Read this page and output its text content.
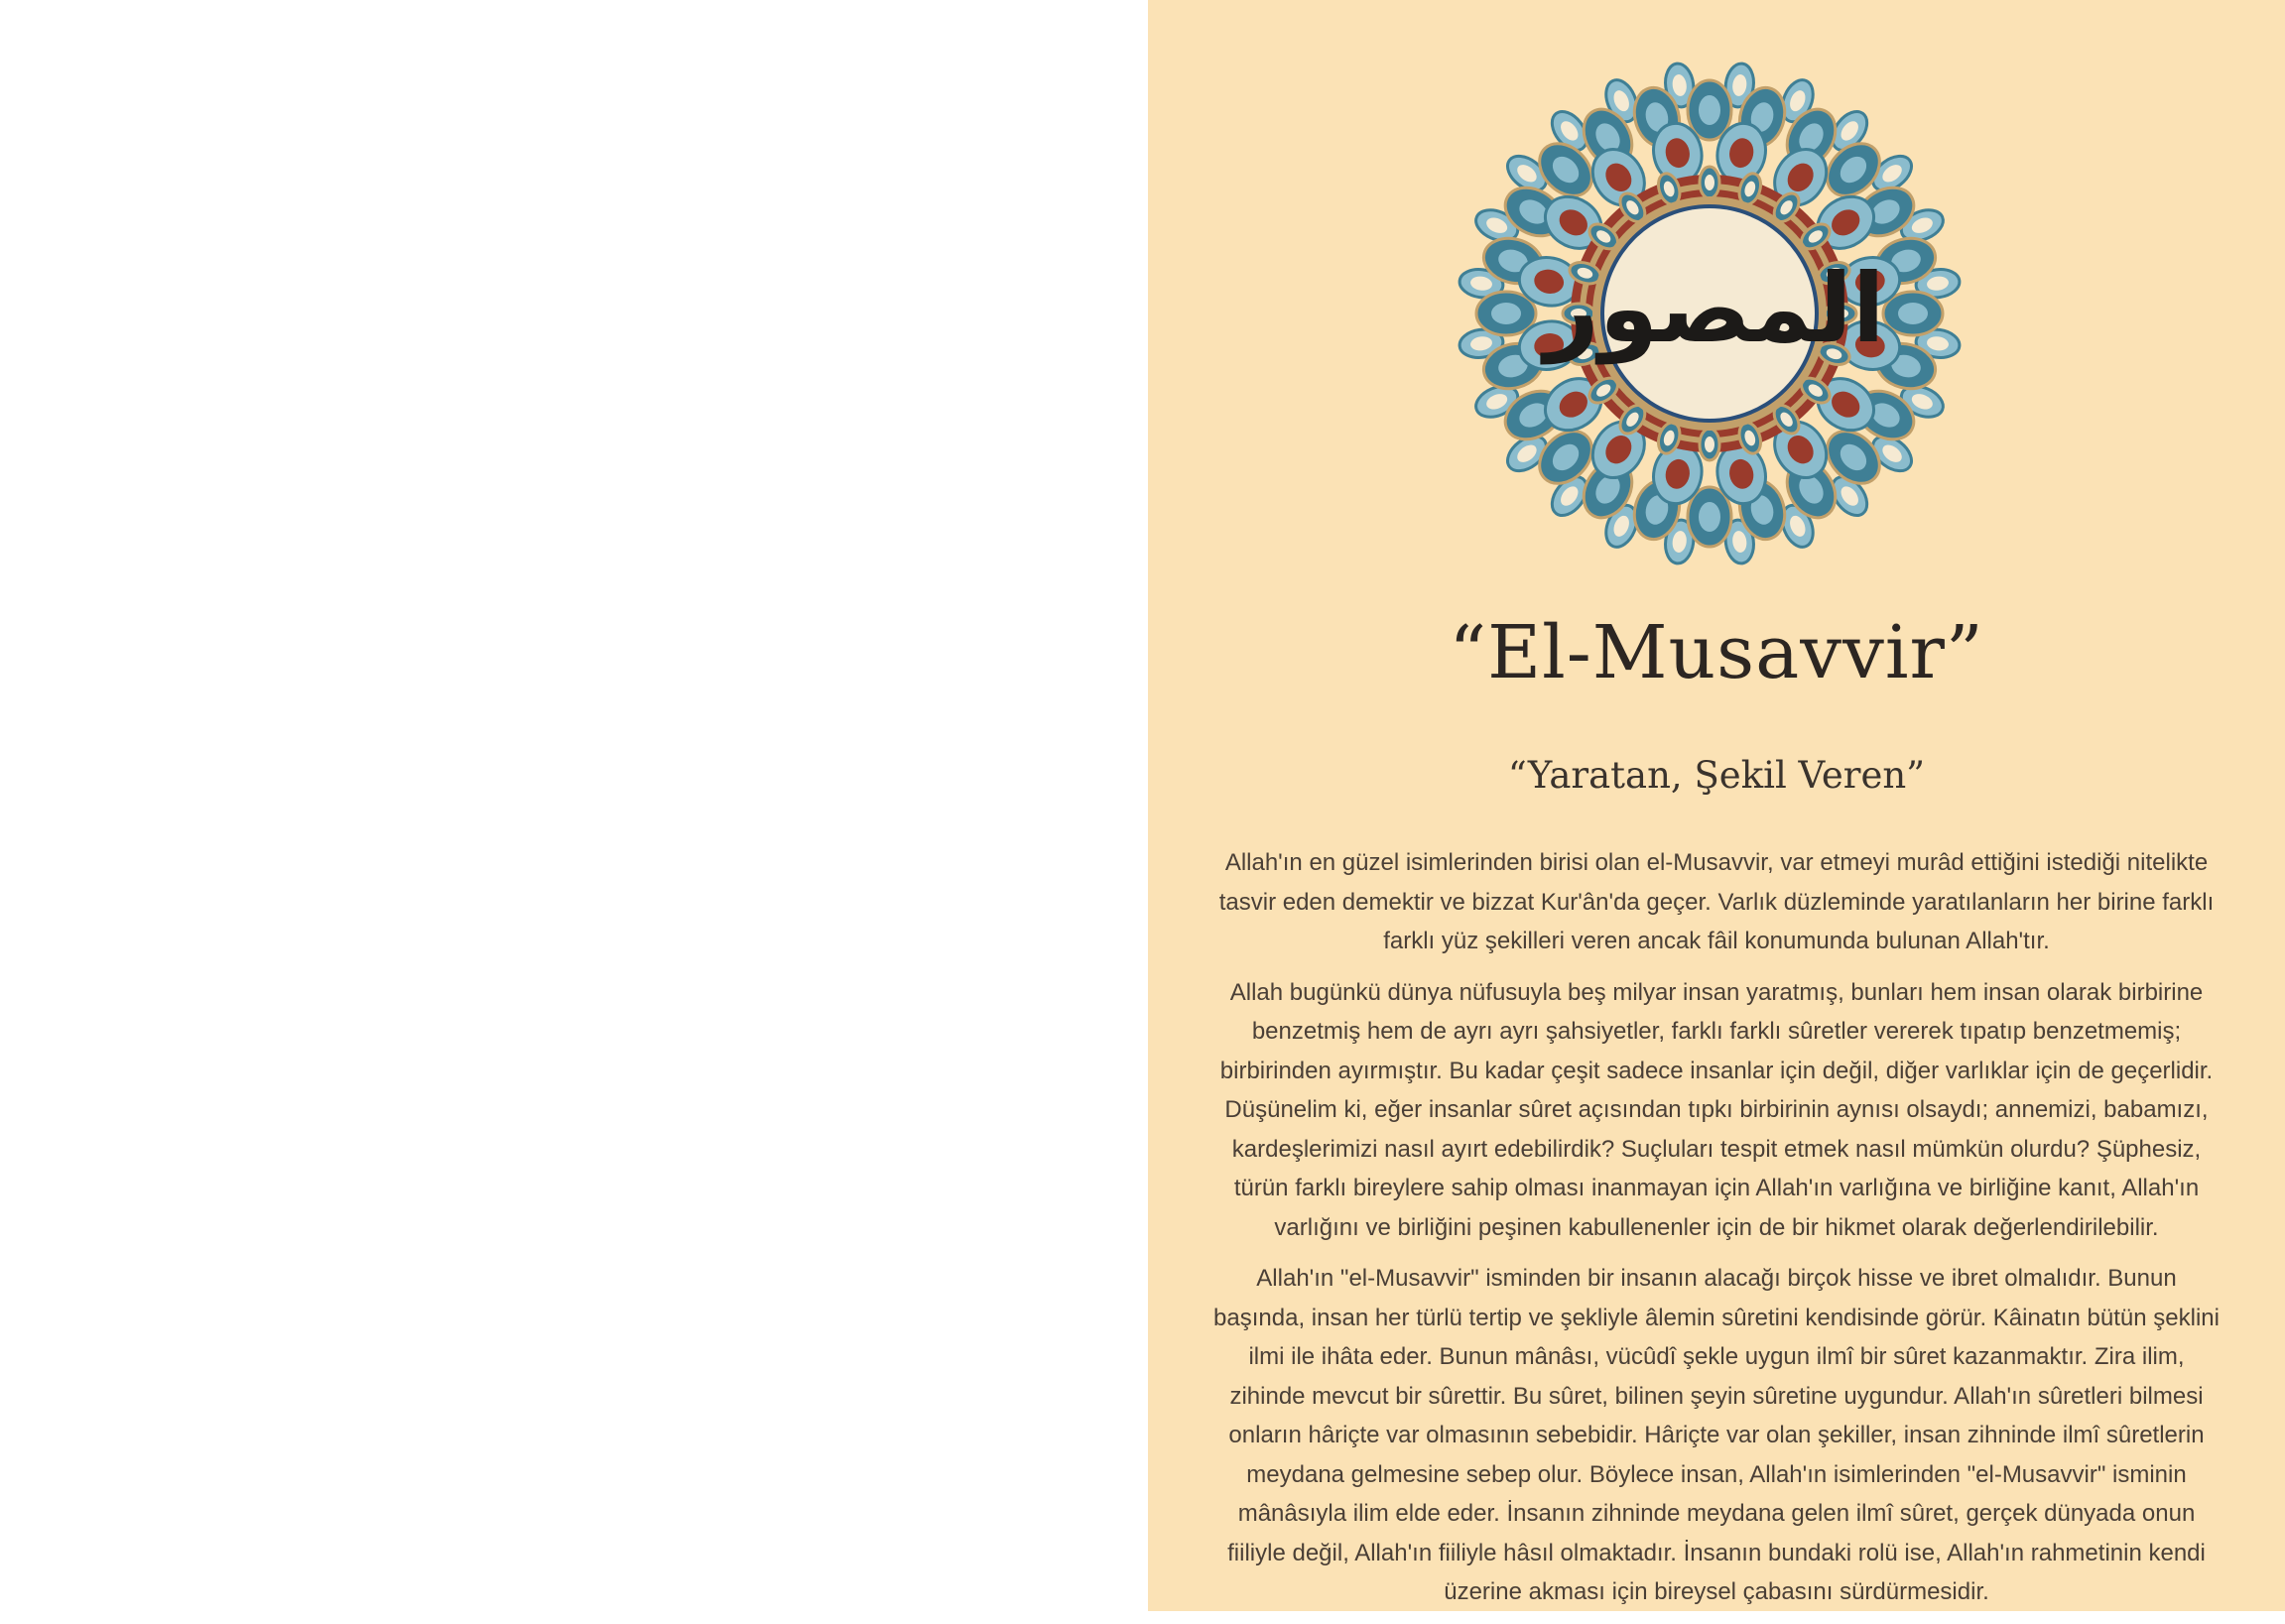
المصور
“El-Musavvir”
“Yaratan, Şekil Veren”

Allah'ın en güzel isimlerinden birisi olan el-Musavvir, var etmeyi murâd ettiğini istediği nitelikte tasvir eden demektir ve bizzat Kur'ân'da geçer. Varlık düzleminde yaratılanların her birine farklı farklı yüz şekilleri veren ancak fâil konumunda bulunan Allah'tır.

Allah bugünkü dünya nüfusuyla beş milyar insan yaratmış, bunları hem insan olarak birbirine benzetmiş hem de ayrı ayrı şahsiyetler, farklı farklı sûretler vererek tıpatıp benzetmemiş; birbirinden ayırmıştır. Bu kadar çeşit sadece insanlar için değil, diğer varlıklar için de geçerlidir. Düşünelim ki, eğer insanlar sûret açısından tıpkı birbirinin aynısı olsaydı; annemizi, babamızı, kardeşlerimizi nasıl ayırt edebilirdik? Suçluları tespit etmek nasıl mümkün olurdu? Şüphesiz, türün farklı bireylere sahip olması inanmayan için Allah'ın varlığına ve birliğine kanıt, Allah'ın varlığını ve birliğini peşinen kabullenenler için de bir hikmet olarak değerlendirilebilir.

Allah'ın "el-Musavvir" isminden bir insanın alacağı birçok hisse ve ibret olmalıdır. Bunun başında, insan her türlü tertip ve şekliyle âlemin sûretini kendisinde görür. Kâinatın bütün şeklini ilmi ile ihâta eder. Bunun mânâsı, vücûdî şekle uygun ilmî bir sûret kazanmaktır. Zira ilim, zihinde mevcut bir sûrettir. Bu sûret, bilinen şeyin sûretine uygundur. Allah'ın sûretleri bilmesi onların hâriçte var olmasının sebebidir. Hâriçte var olan şekiller, insan zihninde ilmî sûretlerin meydana gelmesine sebep olur. Böylece insan, Allah'ın isimlerinden "el-Musavvir" isminin mânâsıyla ilim elde eder. İnsanın zihninde meydana gelen ilmî sûret, gerçek dünyada onun fiiliyle değil, Allah'ın fiiliyle hâsıl olmaktadır. İnsanın bundaki rolü ise, Allah'ın rahmetinin kendi üzerine akması için bireysel çabasını sürdürmesidir.
